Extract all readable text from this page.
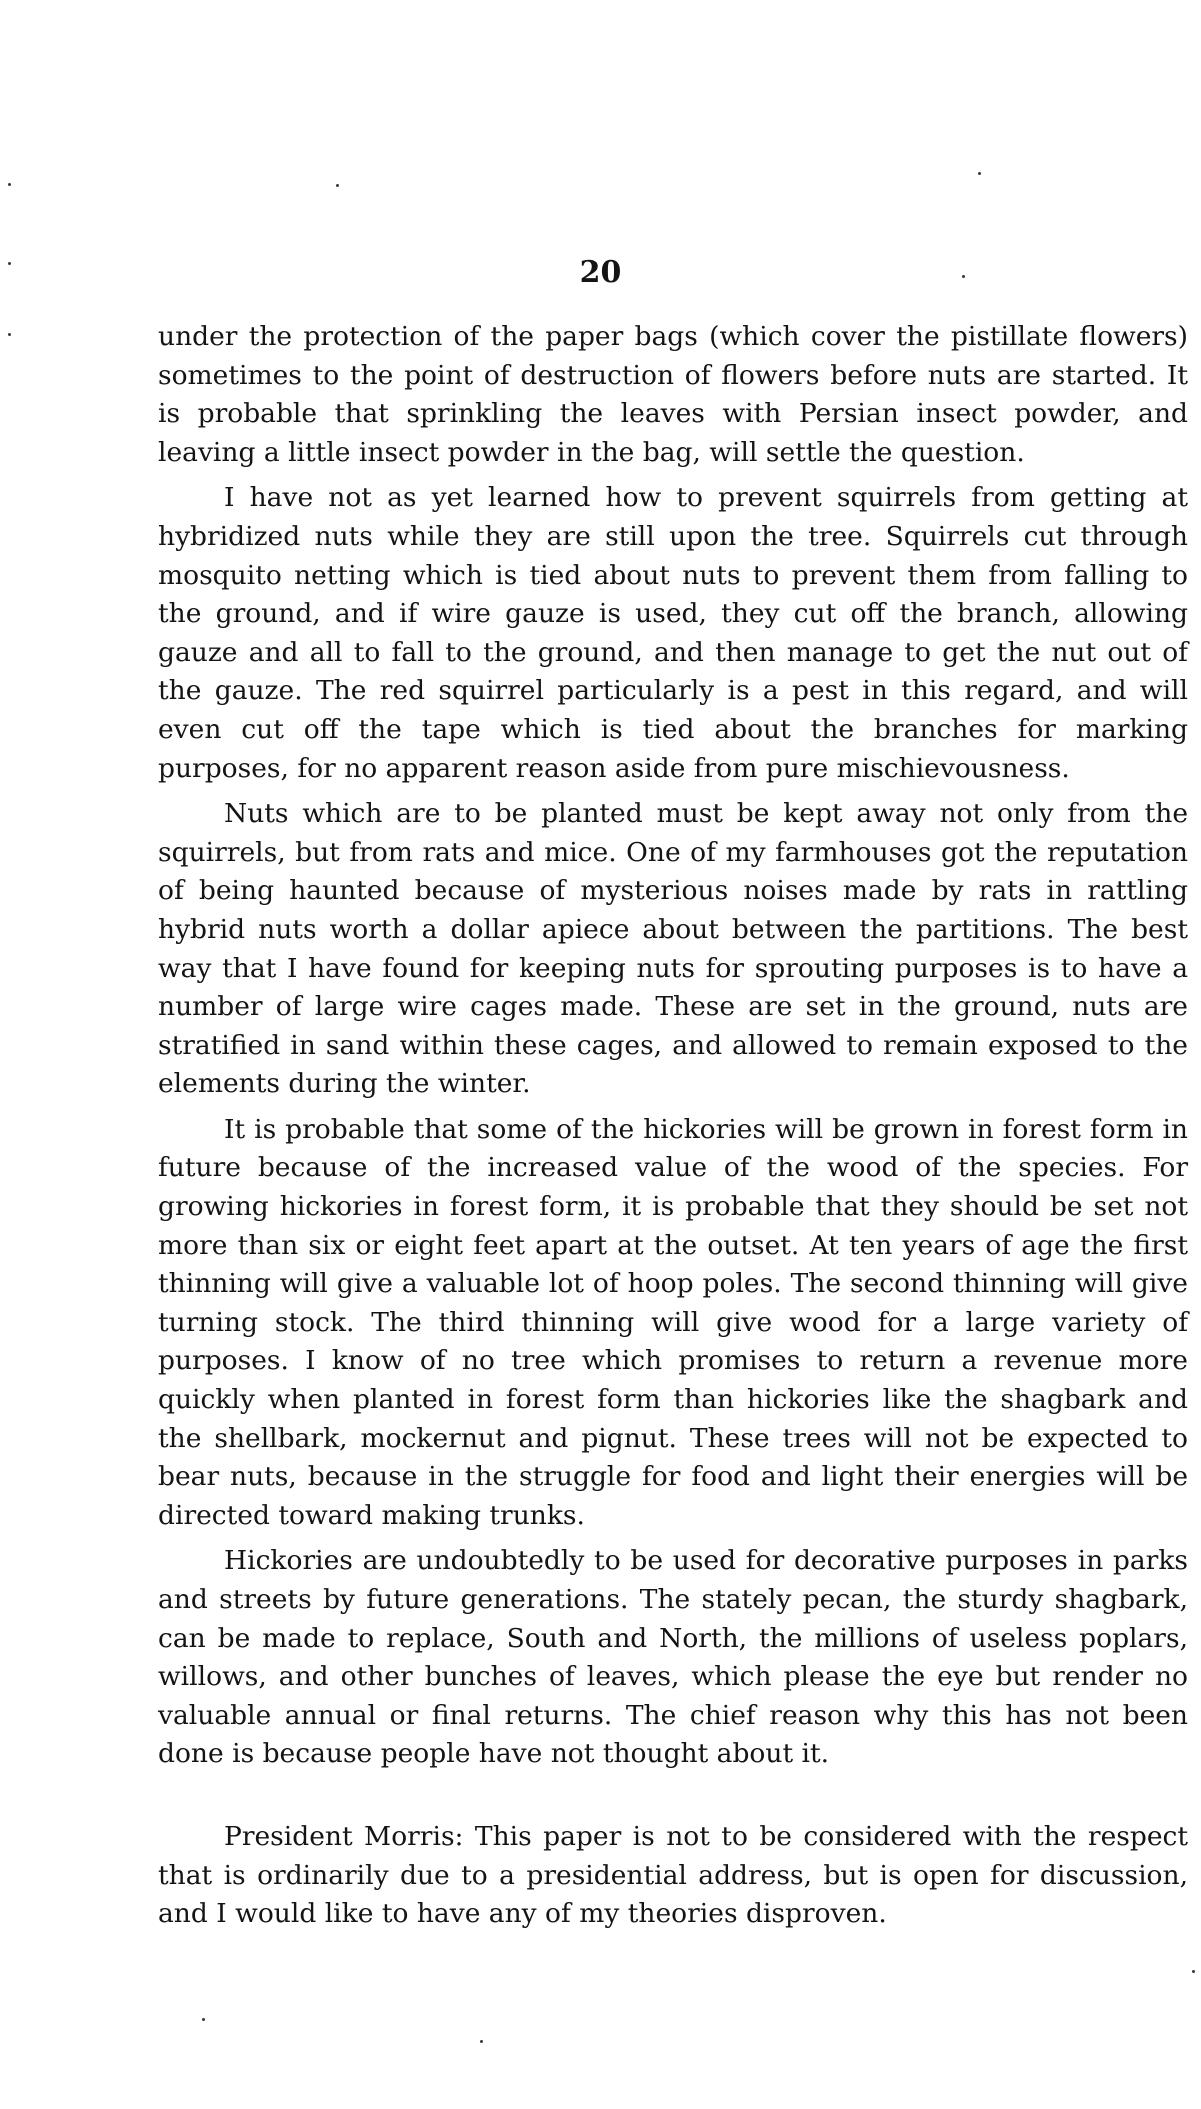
20

under the protection of the paper bags (which cover the pistillate flowers) sometimes to the point of destruction of flowers before nuts are started. It is probable that sprinkling the leaves with Persian insect powder, and leaving a little insect powder in the bag, will settle the question.

I have not as yet learned how to prevent squirrels from getting at hybridized nuts while they are still upon the tree. Squirrels cut through mosquito netting which is tied about nuts to prevent them from falling to the ground, and if wire gauze is used, they cut off the branch, allowing gauze and all to fall to the ground, and then manage to get the nut out of the gauze. The red squirrel particularly is a pest in this regard, and will even cut off the tape which is tied about the branches for marking purposes, for no apparent reason aside from pure mischievousness.

Nuts which are to be planted must be kept away not only from the squirrels, but from rats and mice. One of my farmhouses got the reputation of being haunted because of mysterious noises made by rats in rattling hybrid nuts worth a dollar apiece about between the partitions. The best way that I have found for keeping nuts for sprouting purposes is to have a number of large wire cages made. These are set in the ground, nuts are stratified in sand within these cages, and allowed to remain exposed to the elements during the winter.

It is probable that some of the hickories will be grown in forest form in future because of the increased value of the wood of the species. For growing hickories in forest form, it is probable that they should be set not more than six or eight feet apart at the outset. At ten years of age the first thinning will give a valuable lot of hoop poles. The second thinning will give turning stock. The third thinning will give wood for a large variety of purposes. I know of no tree which promises to return a revenue more quickly when planted in forest form than hickories like the shagbark and the shellbark, mockernut and pignut. These trees will not be expected to bear nuts, because in the struggle for food and light their energies will be directed toward making trunks.

Hickories are undoubtedly to be used for decorative purposes in parks and streets by future generations. The stately pecan, the sturdy shagbark, can be made to replace, South and North, the millions of useless poplars, willows, and other bunches of leaves, which please the eye but render no valuable annual or final returns. The chief reason why this has not been done is because people have not thought about it.

President Morris: This paper is not to be considered with the respect that is ordinarily due to a presidential address, but is open for discussion, and I would like to have any of my theories disproven.
